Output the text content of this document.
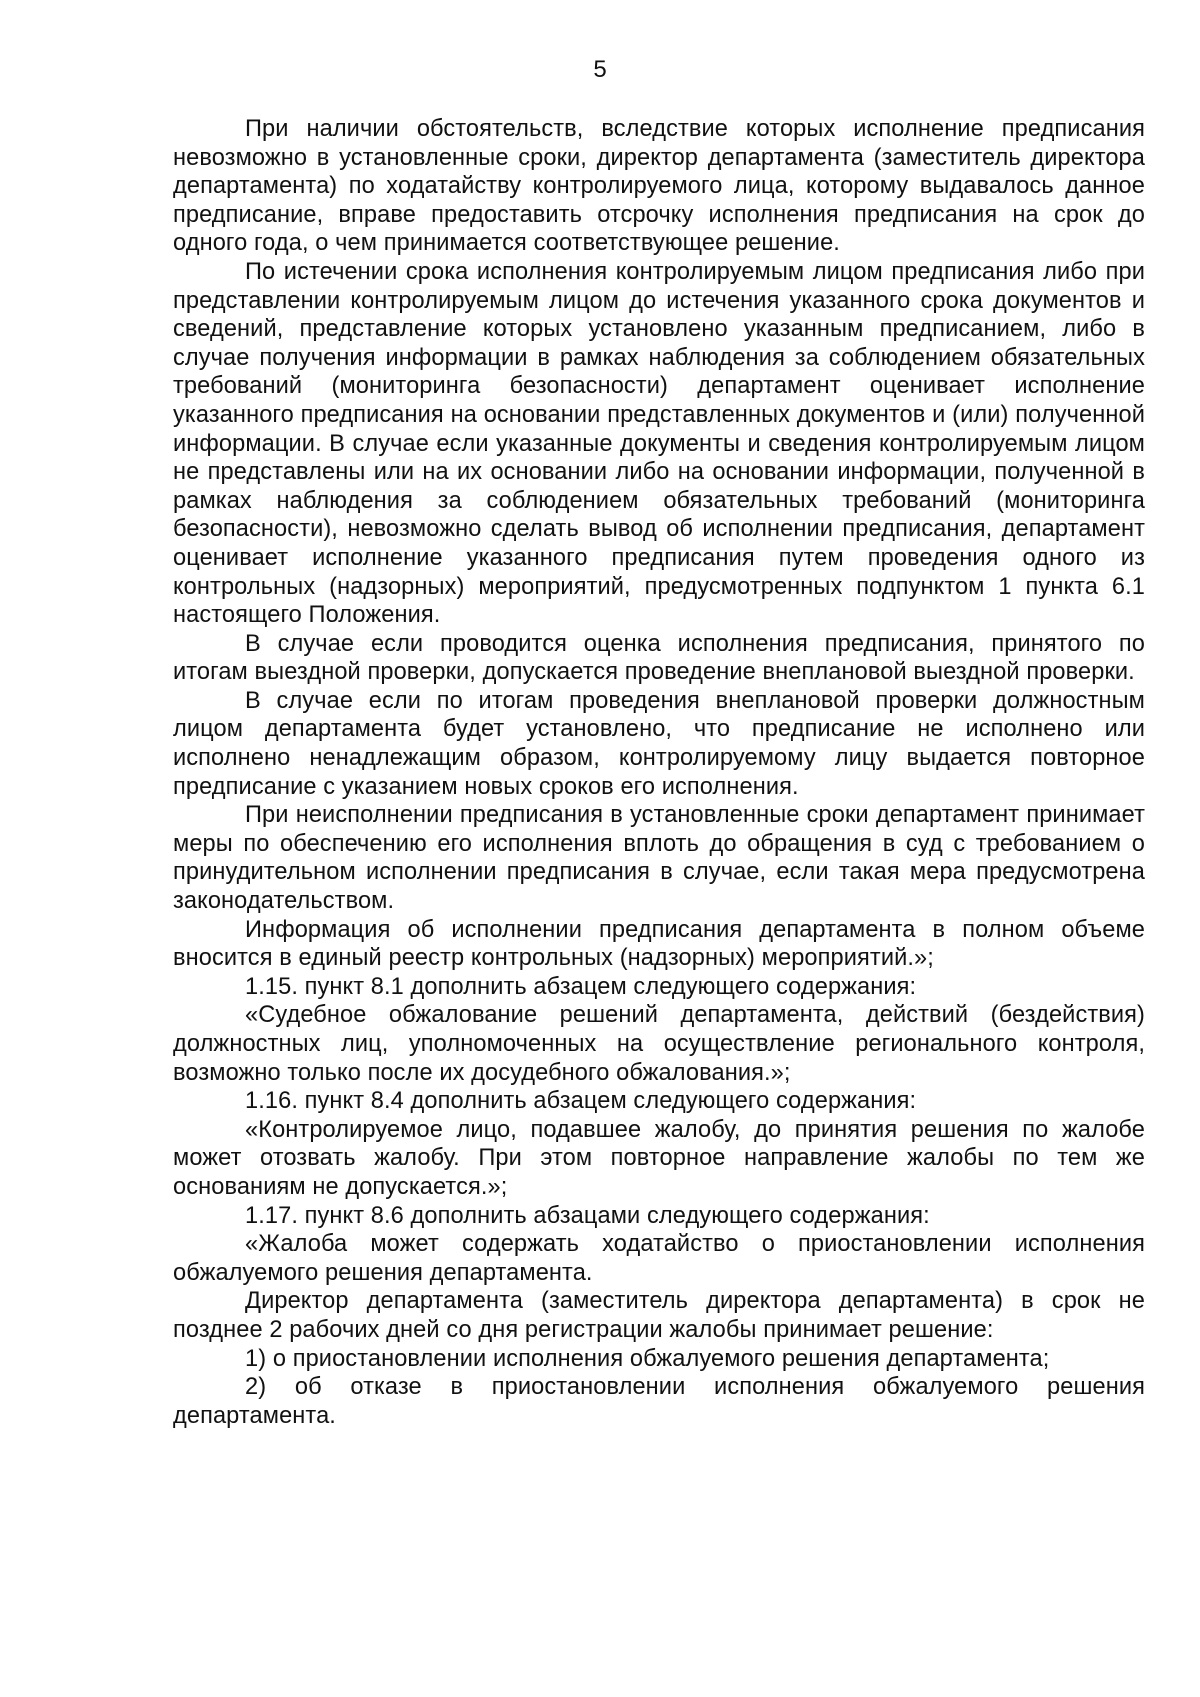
5

При наличии обстоятельств, вследствие которых исполнение предписания невозможно в установленные сроки, директор департамента (заместитель директора департамента) по ходатайству контролируемого лица, которому выдавалось данное предписание, вправе предоставить отсрочку исполнения предписания на срок до одного года, о чем принимается соответствующее решение.

По истечении срока исполнения контролируемым лицом предписания либо при представлении контролируемым лицом до истечения указанного срока документов и сведений, представление которых установлено указанным предписанием, либо в случае получения информации в рамках наблюдения за соблюдением обязательных требований (мониторинга безопасности) департамент оценивает исполнение указанного предписания на основании представленных документов и (или) полученной информации. В случае если указанные документы и сведения контролируемым лицом не представлены или на их основании либо на основании информации, полученной в рамках наблюдения за соблюдением обязательных требований (мониторинга безопасности), невозможно сделать вывод об исполнении предписания, департамент оценивает исполнение указанного предписания путем проведения одного из контрольных (надзорных) мероприятий, предусмотренных подпунктом 1 пункта 6.1 настоящего Положения.

В случае если проводится оценка исполнения предписания, принятого по итогам выездной проверки, допускается проведение внеплановой выездной проверки.

В случае если по итогам проведения внеплановой проверки должностным лицом департамента будет установлено, что предписание не исполнено или исполнено ненадлежащим образом, контролируемому лицу выдается повторное предписание с указанием новых сроков его исполнения.

При неисполнении предписания в установленные сроки департамент принимает меры по обеспечению его исполнения вплоть до обращения в суд с требованием о принудительном исполнении предписания в случае, если такая мера предусмотрена законодательством.

Информация об исполнении предписания департамента в полном объеме вносится в единый реестр контрольных (надзорных) мероприятий.»;

1.15. пункт 8.1 дополнить абзацем следующего содержания:

«Судебное обжалование решений департамента, действий (бездействия) должностных лиц, уполномоченных на осуществление регионального контроля, возможно только после их досудебного обжалования.»;

1.16. пункт 8.4 дополнить абзацем следующего содержания:

«Контролируемое лицо, подавшее жалобу, до принятия решения по жалобе может отозвать жалобу. При этом повторное направление жалобы по тем же основаниям не допускается.»;

1.17. пункт 8.6 дополнить абзацами следующего содержания:

«Жалоба может содержать ходатайство о приостановлении исполнения обжалуемого решения департамента.

Директор департамента (заместитель директора департамента) в срок не позднее 2 рабочих дней со дня регистрации жалобы принимает решение:

1) о приостановлении исполнения обжалуемого решения департамента;

2) об отказе в приостановлении исполнения обжалуемого решения департамента.
